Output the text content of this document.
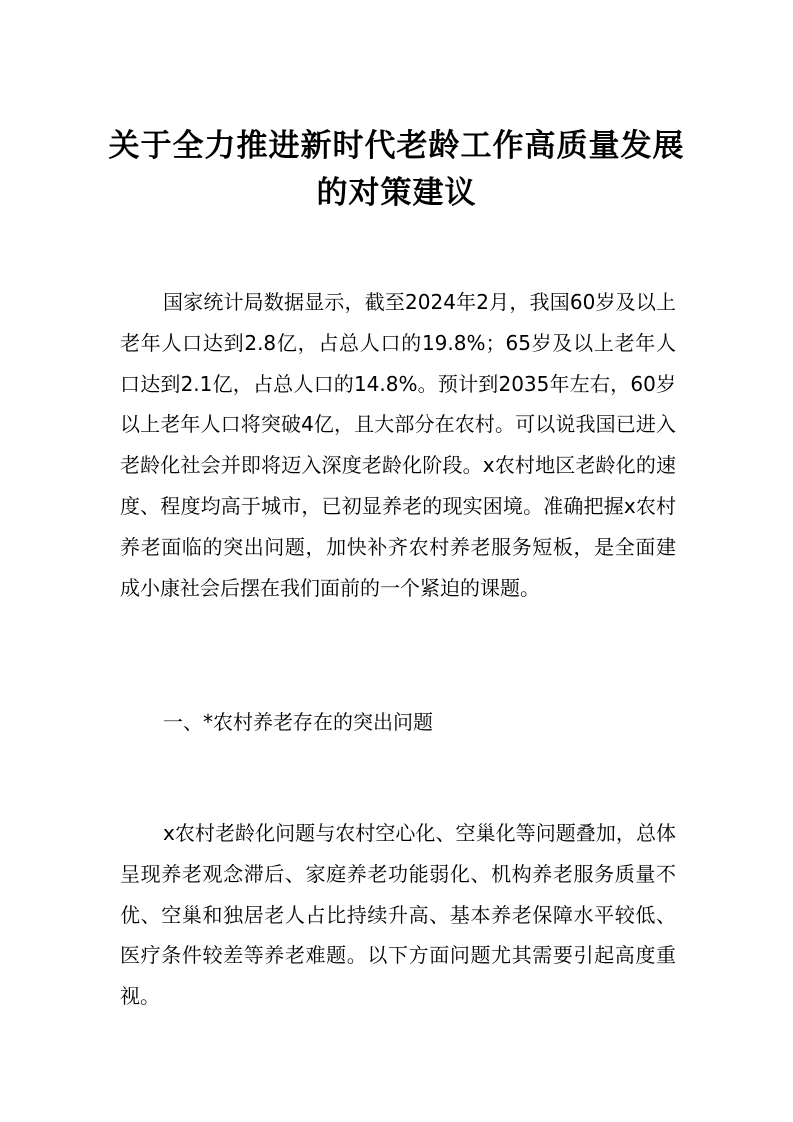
关于全力推进新时代老龄工作高质量发展
的对策建议

国家统计局数据显示，截至2024年2月，我国60岁及以上老年人口达到2.8亿，占总人口的19.8%；65岁及以上老年人口达到2.1亿，占总人口的14.8%。预计到2035年左右，60岁以上老年人口将突破4亿，且大部分在农村。可以说我国已进入老龄化社会并即将迈入深度老龄化阶段。x农村地区老龄化的速度、程度均高于城市，已初显养老的现实困境。准确把握x农村养老面临的突出问题，加快补齐农村养老服务短板，是全面建成小康社会后摆在我们面前的一个紧迫的课题。

一、*农村养老存在的突出问题

x农村老龄化问题与农村空心化、空巢化等问题叠加，总体呈现养老观念滞后、家庭养老功能弱化、机构养老服务质量不优、空巢和独居老人占比持续升高、基本养老保障水平较低、医疗条件较差等养老难题。以下方面问题尤其需要引起高度重视。
